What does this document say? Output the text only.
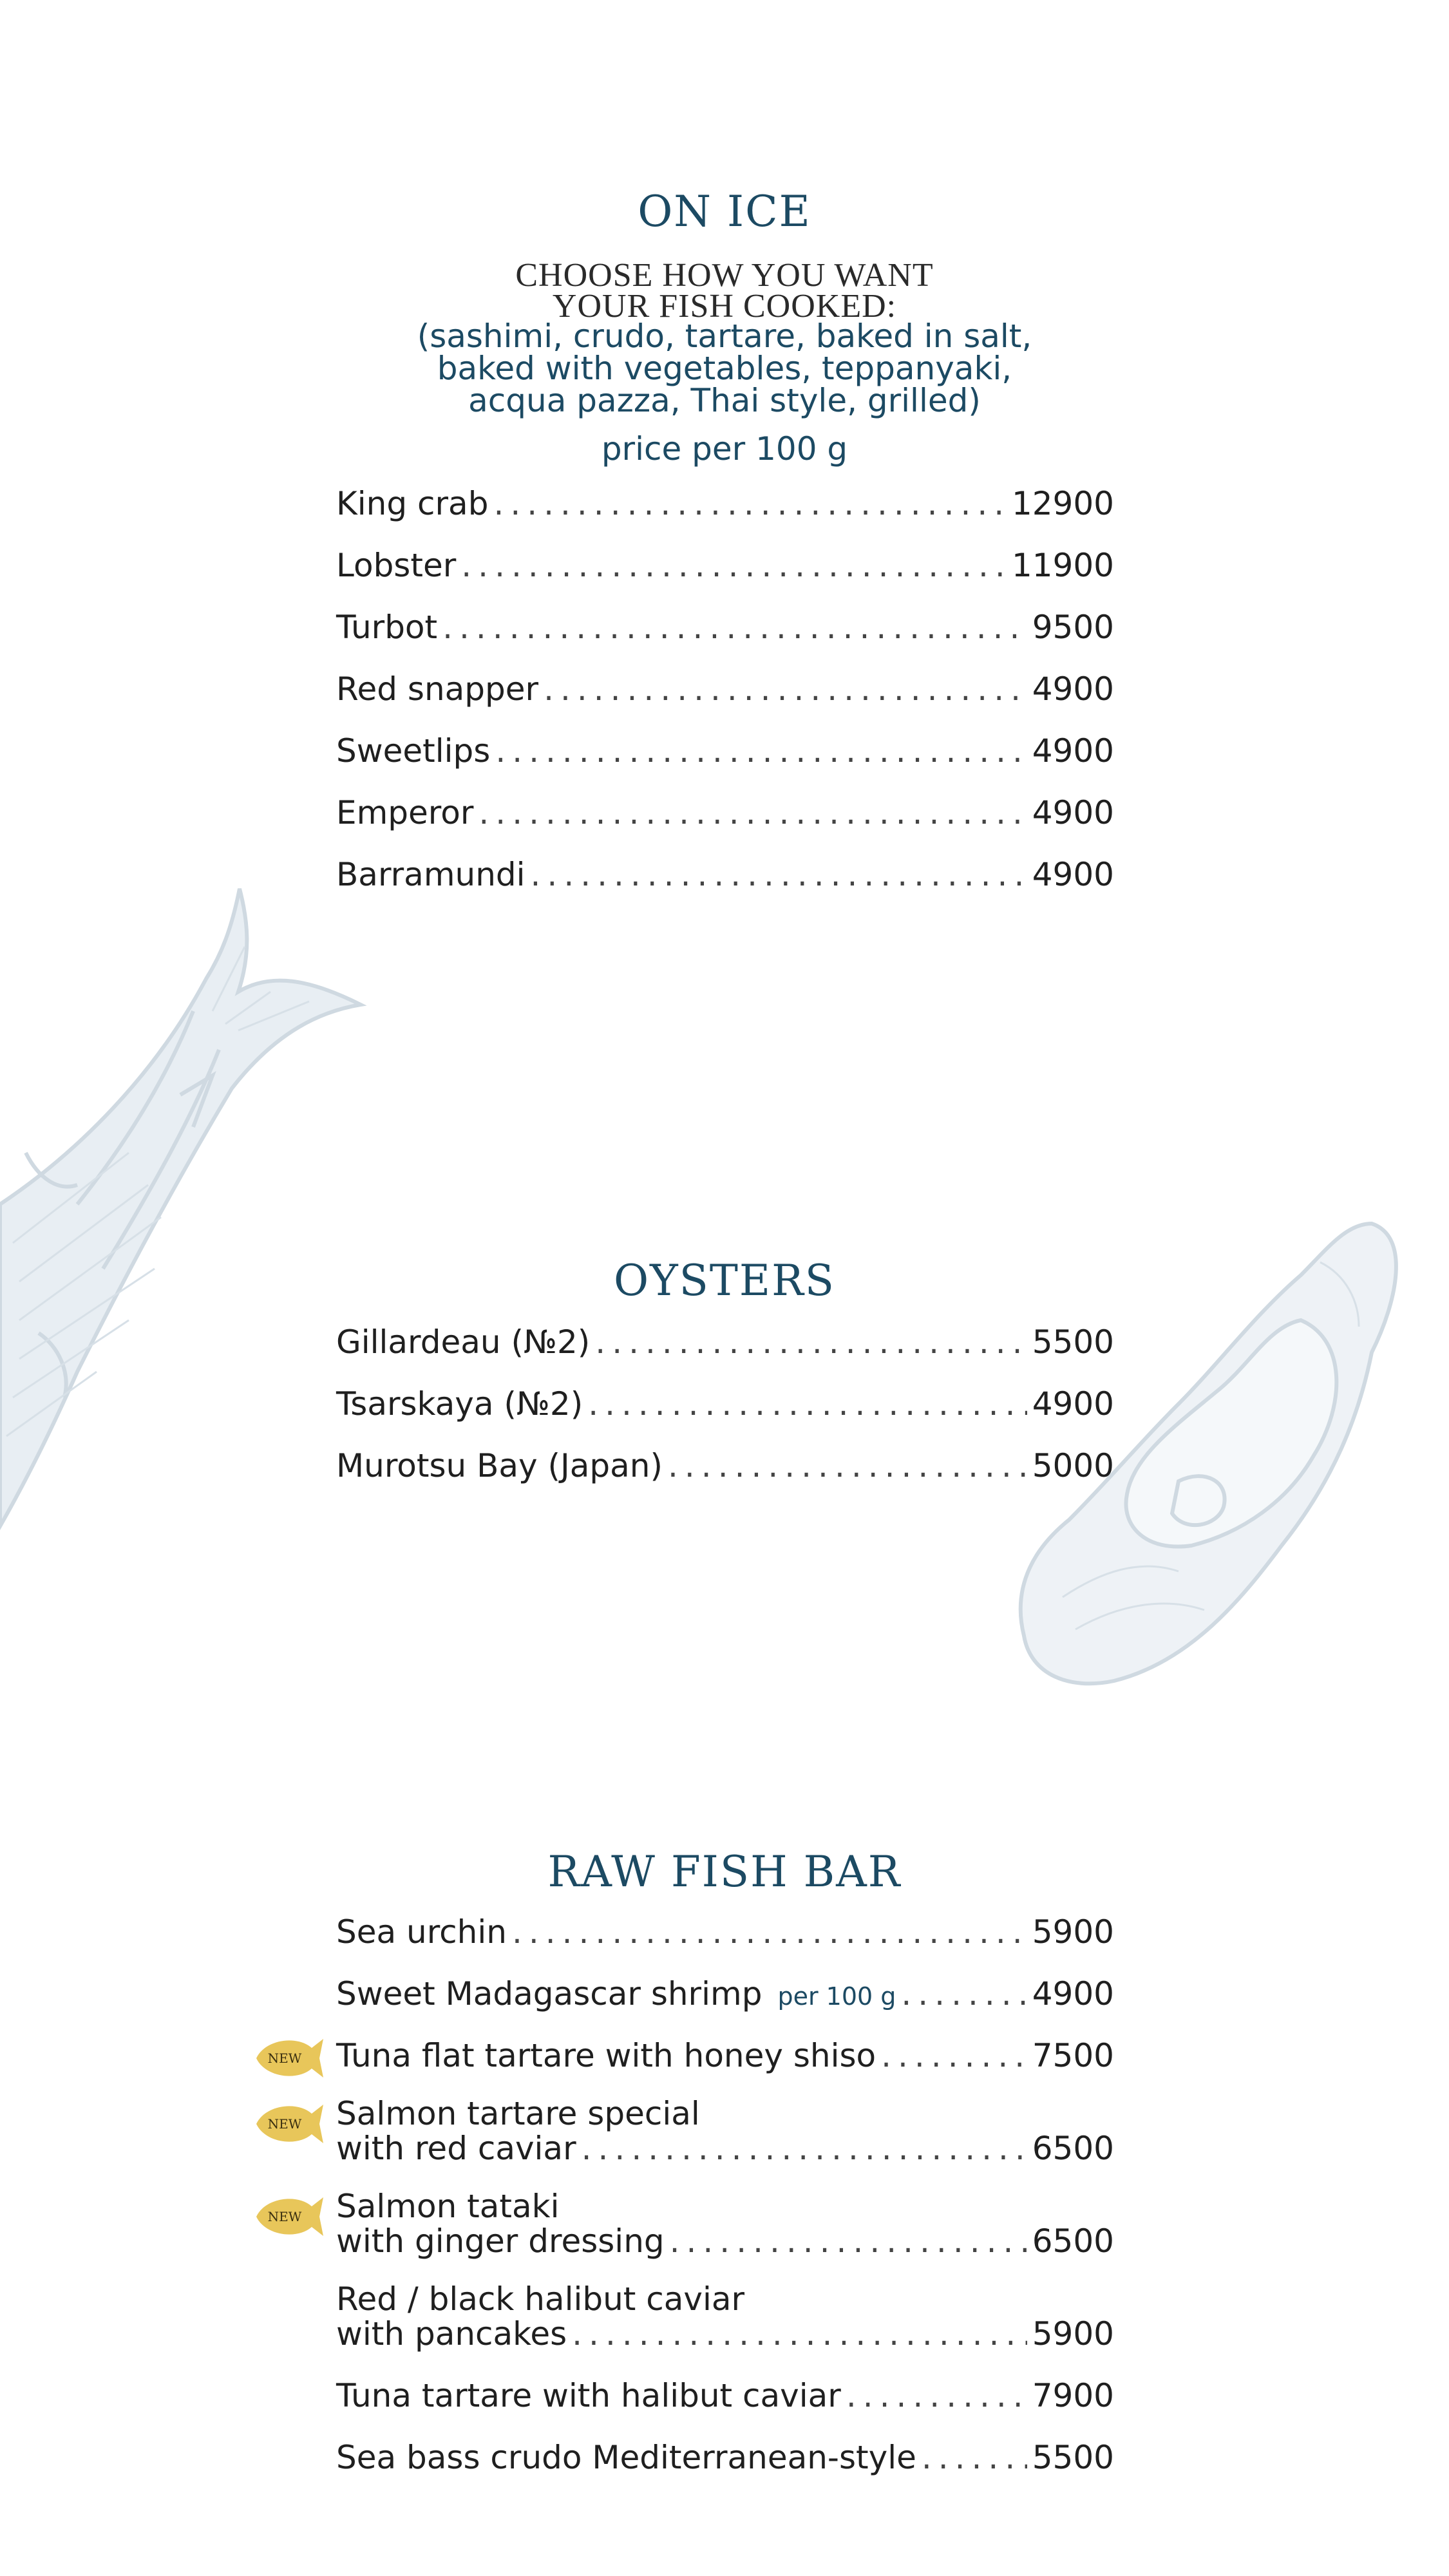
ON ICE
CHOOSE HOW YOU WANT
YOUR FISH COOKED:
(sashimi, crudo, tartare, baked in salt,
baked with vegetables, teppanyaki,
acqua pazza, Thai style, grilled)
price per 100 g
King crab .....	12900
Lobster .....	11900
Turbot .....	9500
Red snapper .....	4900
Sweetlips .....	4900
Emperor .....	4900
Barramundi .....	4900
OYSTERS
Gillardeau (№2) .....	5500
Tsarskaya (№2) .....	4900
Murotsu Bay (Japan) .....	5000
RAW FISH BAR
Sea urchin .....	5900
Sweet Madagascar shrimp per 100 g .....	4900
NEW Tuna flat tartare with honey shiso .....	7500
NEW Salmon tartare special
with red caviar .....	6500
NEW Salmon tataki
with ginger dressing .....	6500
Red / black halibut caviar
with pancakes .....	5900
Tuna tartare with halibut caviar .....	7900
Sea bass crudo Mediterranean-style .....	5500
